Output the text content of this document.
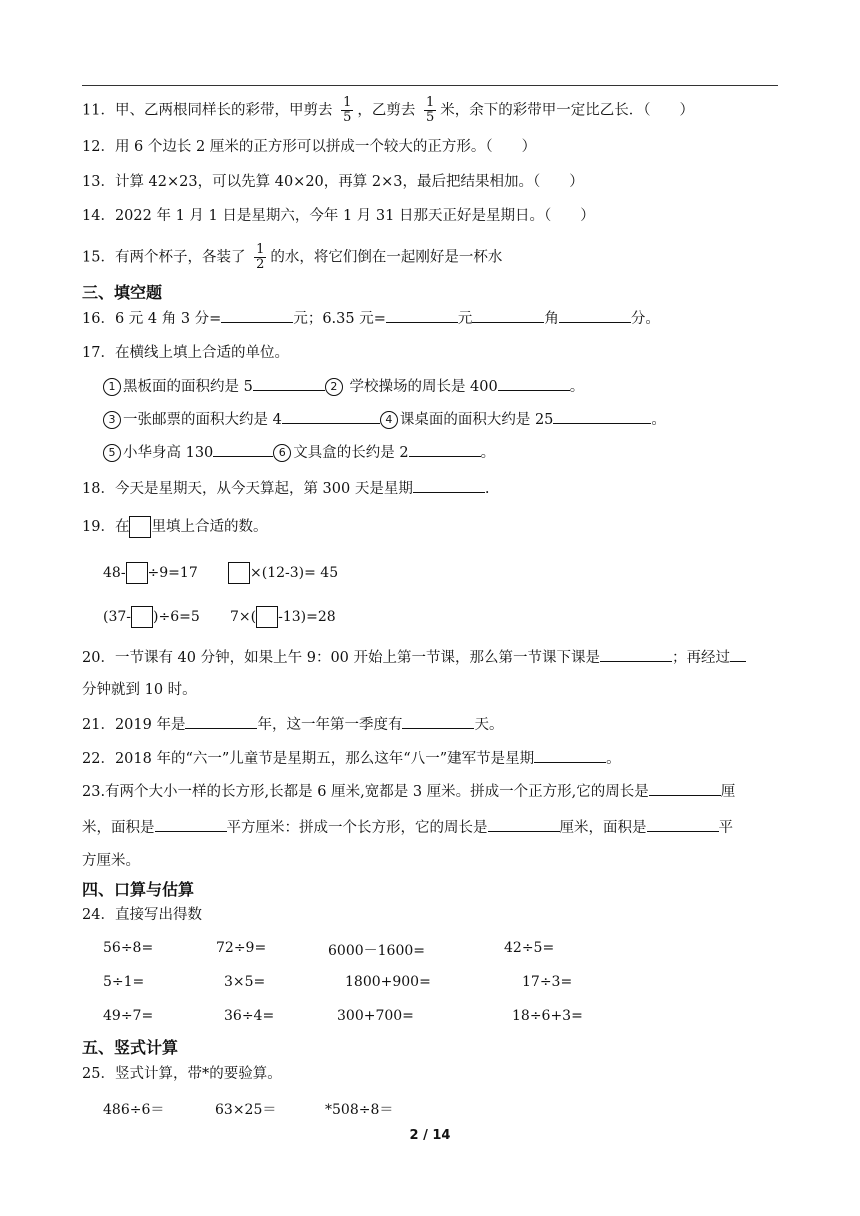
11．甲、乙两根同样长的彩带，甲剪去 $\frac{1}{5}$ ，乙剪去 $\frac{1}{5}$ 米，余下的彩带甲一定比乙长．（　　）
12．用 6 个边长 2 厘米的正方形可以拼成一个较大的正方形。（　　）
13．计算 42×23，可以先算 40×20，再算 2×3，最后把结果相加。（　　）
14．2022 年 1 月 1 日是星期六，今年 1 月 31 日那天正好是星期日。（　　）
15．有两个杯子，各装了 $\frac{1}{2}$ 的水，将它们倒在一起刚好是一杯水
三、填空题
16．6 元 4 角 3 分=	元；6.35 元=	元	角	分。
17．在横线上填上合适的单位。
1 黑板面的面积约是 5	2 学校操场的周长是 400	。
3 一张邮票的面积大约是 4	4 课桌面的面积大约是 25	。
5 小华身高 130	6 文具盒的长约是 2	。
18．今天是星期天，从今天算起，第 300 天是星期	.
19．在 里填上合适的数。
48- ÷9=17	×(12-3)= 45
(37- )÷6=5 7×( -13)=28
20．一节课有 40 分钟，如果上午 9：00 开始上第一节课，那么第一节课下课是	；再经过
分钟就到 10 时。
21．2019 年是	年，这一年第一季度有	天。
22．2018 年的“六一”儿童节是星期五，那么这年“八一”建军节是星期	。
23.有两个大小一样的长方形,长都是 6 厘米,宽都是 3 厘米。拼成一个正方形,它的周长是	厘
米，面积是	平方厘米：拼成一个长方形，它的周长是	厘米，面积是	平
方厘米。
四、口算与估算
24．直接写出得数
56÷8=	72÷9=	6000－1600=	42÷5=
5÷1=	3×5=	1800+900=	17÷3=
49÷7=	36÷4=	300+700=	18÷6+3=
五、竖式计算
25．竖式计算，带*的要验算。
486÷6＝	63×25＝	*508÷8＝
2 / 14
